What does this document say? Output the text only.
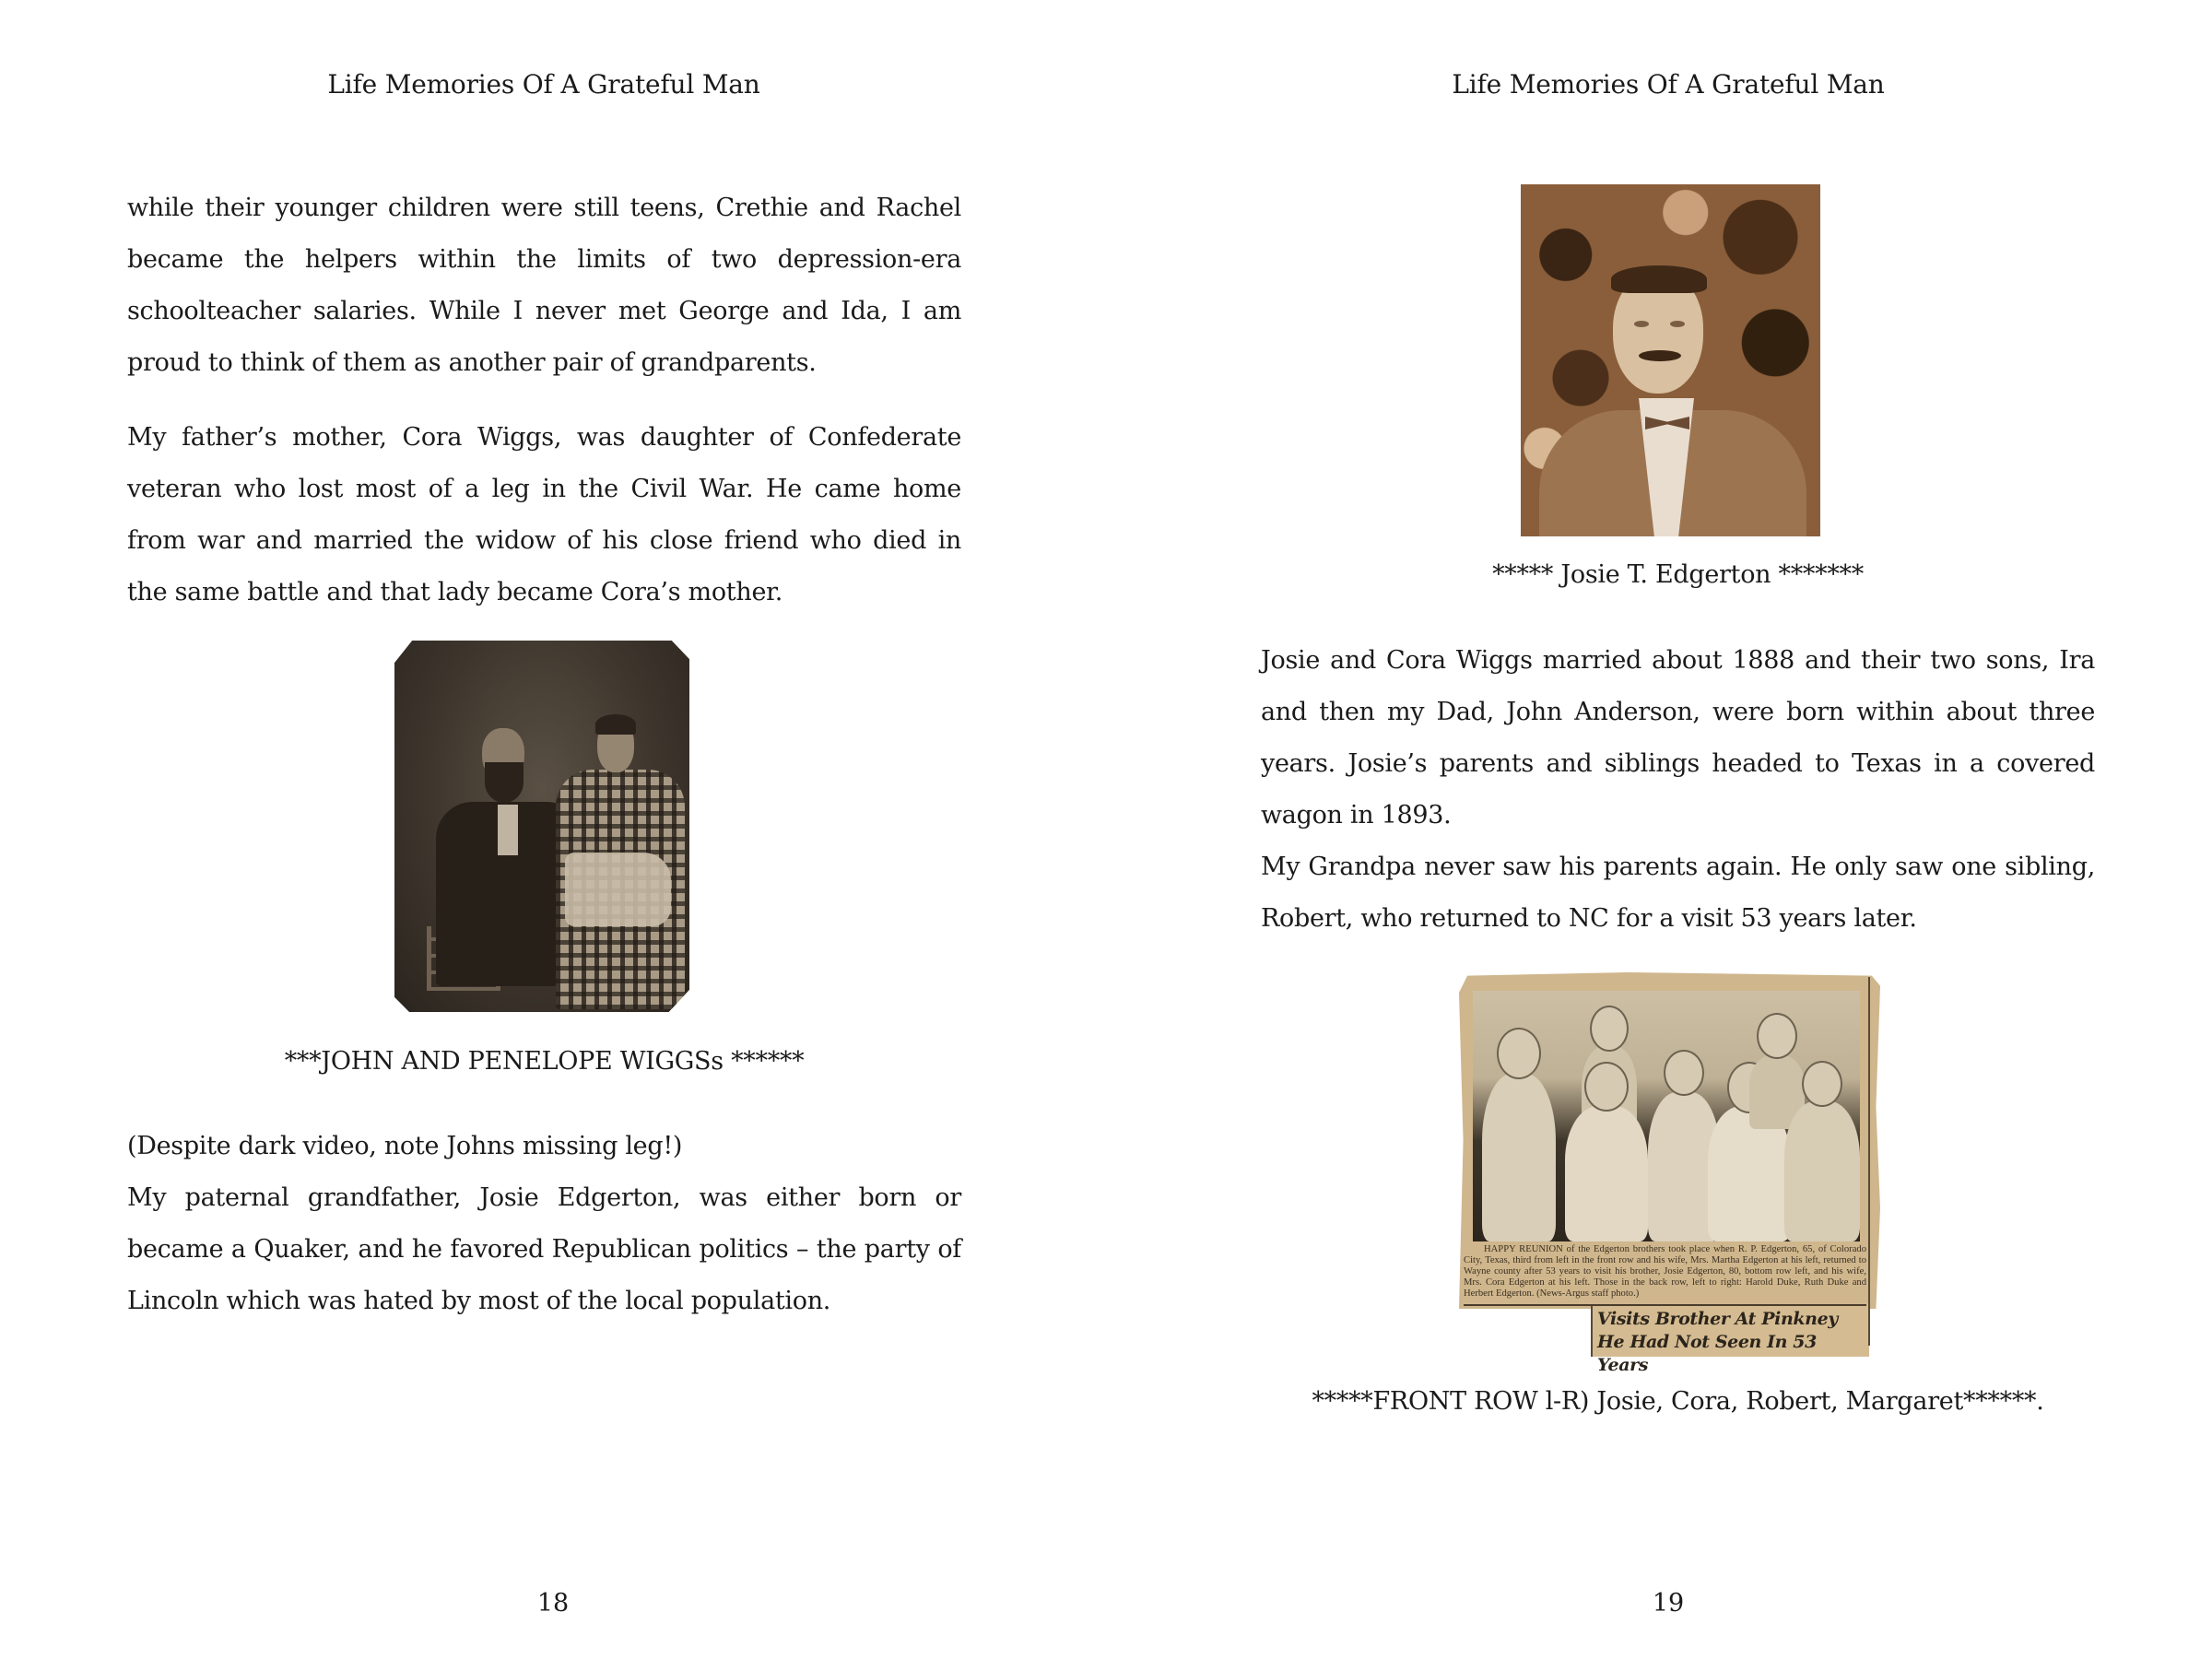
Life Memories Of A Grateful Man

while their younger children were still teens, Crethie and Rachel became the helpers within the limits of two depression-era schoolteacher salaries. While I never met George and Ida, I am proud to think of them as another pair of grandparents.

My father’s mother, Cora Wiggs, was daughter of Confederate veteran who lost most of a leg in the Civil War. He came home from war and married the widow of his close friend who died in the same battle and that lady became Cora’s mother.

***JOHN AND PENELOPE WIGGSs ******

(Despite dark video, note Johns missing leg!)

My paternal grandfather, Josie Edgerton, was either born or became a Quaker, and he favored Republican politics – the party of Lincoln which was hated by most of the local population.

18
Life Memories Of A Grateful Man
***** Josie T. Edgerton *******

Josie and Cora Wiggs married about 1888 and their two sons, Ira and then my Dad, John Anderson, were born within about three years. Josie’s parents and siblings headed to Texas in a covered wagon in 1893.

My Grandpa never saw his parents again. He only saw one sibling, Robert, who returned to NC for a visit 53 years later.

HAPPY REUNION of the Edgerton brothers took place when R. P. Edgerton, 65, of Colorado City, Texas, third from left in the front row and his wife, Mrs. Martha Edgerton at his left, returned to Wayne county after 53 years to visit his brother, Josie Edgerton, 80, bottom row left, and his wife, Mrs. Cora Edgerton at his left. Those in the back row, left to right: Harold Duke, Ruth Duke and Herbert Edgerton. (News-Argus staff photo.)
Visits Brother At Pinkney
He Had Not Seen In 53 Years
*****FRONT ROW l-R) Josie, Cora, Robert, Margaret******.
19
